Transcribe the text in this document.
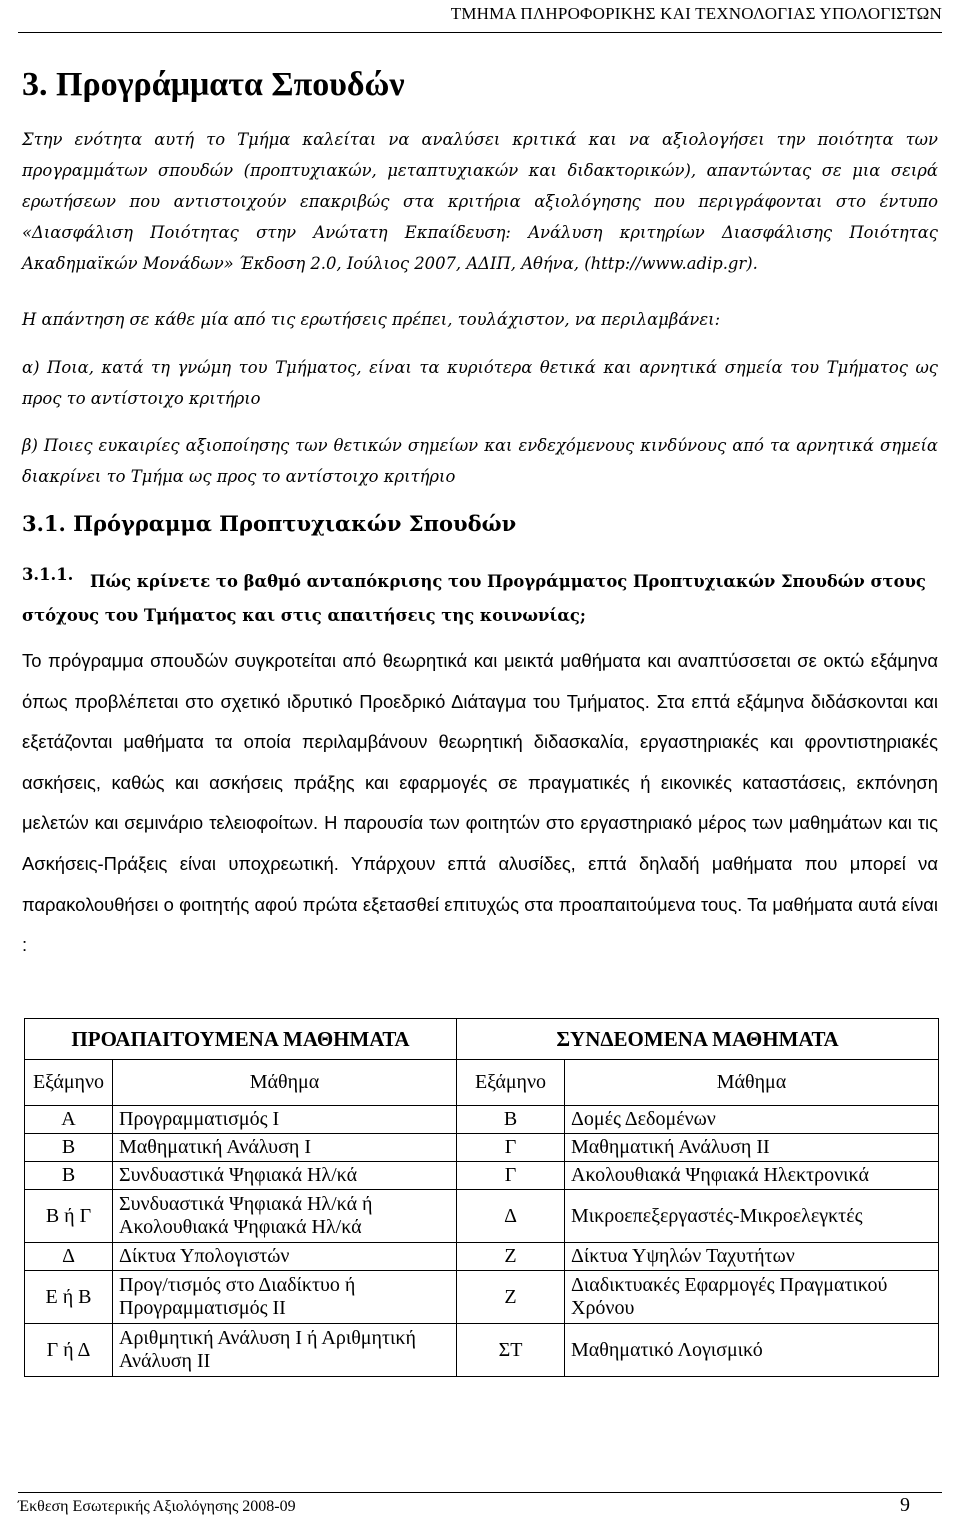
ΤΜΗΜΑ ΠΛΗΡΟΦΟΡΙΚΗΣ ΚΑΙ ΤΕΧΝΟΛΟΓΙΑΣ ΥΠΟΛΟΓΙΣΤΩΝ
3. Προγράμματα Σπουδών
Στην ενότητα αυτή το Τμήμα καλείται να αναλύσει κριτικά και να αξιολογήσει την ποιότητα των προγραμμάτων σπουδών (προπτυχιακών, μεταπτυχιακών και διδακτορικών), απαντώντας σε μια σειρά ερωτήσεων που αντιστοιχούν επακριβώς στα κριτήρια αξιολόγησης που περιγράφονται στο έντυπο «Διασφάλιση Ποιότητας στην Ανώτατη Εκπαίδευση: Ανάλυση κριτηρίων Διασφάλισης Ποιότητας Ακαδημαϊκών Μονάδων» Έκδοση 2.0, Ιούλιος 2007, ΑΔΙΠ, Αθήνα, (http://www.adip.gr).
Η απάντηση σε κάθε μία από τις ερωτήσεις πρέπει, τουλάχιστον, να περιλαμβάνει:
α) Ποια, κατά τη γνώμη του Τμήματος, είναι τα κυριότερα θετικά και αρνητικά σημεία του Τμήματος ως προς το αντίστοιχο κριτήριο
β) Ποιες ευκαιρίες αξιοποίησης των θετικών σημείων και ενδεχόμενους κινδύνους από τα αρνητικά σημεία διακρίνει το Τμήμα ως προς το αντίστοιχο κριτήριο
3.1. Πρόγραμμα Προπτυχιακών Σπουδών
3.1.1.	Πώς κρίνετε το βαθμό ανταπόκρισης του Προγράμματος Προπτυχιακών Σπουδών στους στόχους του Τμήματος και στις απαιτήσεις της κοινωνίας;
Το πρόγραμμα σπουδών συγκροτείται από θεωρητικά και μεικτά μαθήματα και αναπτύσσεται σε οκτώ εξάμηνα όπως προβλέπεται στο σχετικό ιδρυτικό Προεδρικό Διάταγμα του Τμήματος. Στα επτά εξάμηνα διδάσκονται και εξετάζονται μαθήματα τα οποία περιλαμβάνουν θεωρητική διδασκαλία, εργαστηριακές και φροντιστηριακές ασκήσεις, καθώς και ασκήσεις πράξης και εφαρμογές σε πραγματικές ή εικονικές καταστάσεις, εκπόνηση μελετών και σεμινάριο τελειοφοίτων. Η παρουσία των φοιτητών στο εργαστηριακό μέρος των μαθημάτων και τις Ασκήσεις-Πράξεις είναι υποχρεωτική. Υπάρχουν επτά αλυσίδες, επτά δηλαδή μαθήματα που μπορεί να παρακολουθήσει ο φοιτητής αφού πρώτα εξετασθεί επιτυχώς στα προαπαιτούμενα τους. Τα μαθήματα αυτά είναι :
ΠΡΟΑΠΑΙΤΟΥΜΕΝΑ ΜΑΘΗΜΑΤΑ		ΣΥΝΔΕΟΜΕΝΑ ΜΑΘΗΜΑΤΑ	
Εξάμηνο	Μάθημα	Εξάμηνο	Μάθημα
Α	Προγραμματισμός Ι	Β	Δομές Δεδομένων
Β	Μαθηματική Ανάλυση Ι	Γ	Μαθηματική Ανάλυση ΙΙ
Β	Συνδυαστικά Ψηφιακά Ηλ/κά	Γ	Ακολουθιακά Ψηφιακά Ηλεκτρονικά
Β ή Γ	Συνδυαστικά Ψηφιακά Ηλ/κά ή Ακολουθιακά Ψηφιακά Ηλ/κά	Δ	Μικροεπεξεργαστές-Μικροελεγκτές
Δ	Δίκτυα Υπολογιστών	Ζ	Δίκτυα Υψηλών Ταχυτήτων
Ε ή Β	Προγ/τισμός στο Διαδίκτυο ή Προγραμματισμός ΙΙ	Ζ	Διαδικτυακές Εφαρμογές Πραγματικού Χρόνου
Γ ή Δ	Αριθμητική Ανάλυση Ι ή Αριθμητική Ανάλυση ΙΙ	ΣΤ	Μαθηματικό Λογισμικό
Έκθεση Εσωτερικής Αξιολόγησης 2008-09	9
